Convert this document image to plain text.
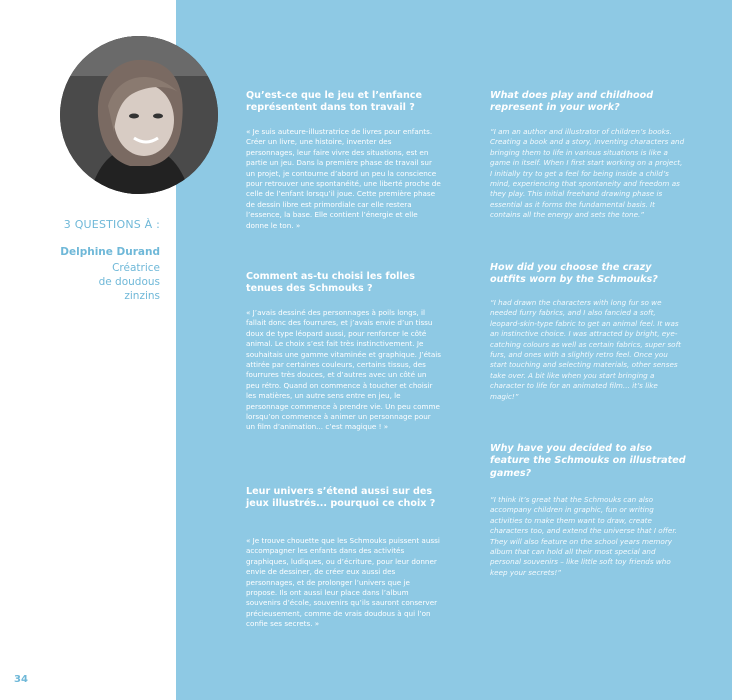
3 QUESTIONS À :
Delphine Durand
Créatrice
de doudous
zinzins
Qu’est-ce que le jeu et l’enfance représentent dans ton travail ?

« Je suis auteure-illustratrice de livres pour enfants. Créer un livre, une histoire, inventer des personnages, leur faire vivre des situations, est en partie un jeu. Dans la première phase de travail sur un projet, je contourne d’abord un peu la conscience pour retrouver une spontanéité, une liberté proche de celle de l’enfant lorsqu’il joue. Cette première phase de dessin libre est primordiale car elle restera l’essence, la base. Elle contient l’énergie et elle donne le ton. »

Comment as-tu choisi les folles tenues des Schmouks ?

« J’avais dessiné des personnages à poils longs, il fallait donc des fourrures, et j’avais envie d’un tissu doux de type léopard aussi, pour renforcer le côté animal. Le choix s’est fait très instinctivement. Je souhaitais une gamme vitaminée et graphique. J’étais attirée par certaines couleurs, certains tissus, des fourrures très douces, et d’autres avec un côté un peu rétro. Quand on commence à toucher et choisir les matières, un autre sens entre en jeu, le personnage commence à prendre vie. Un peu comme lorsqu’on commence à animer un personnage pour un film d’animation... c’est magique ! »

Leur univers s’étend aussi sur des jeux illustrés... pourquoi ce choix ?

« Je trouve chouette que les Schmouks puissent aussi accompagner les enfants dans des activités graphiques, ludiques, ou d’écriture, pour leur donner envie de dessiner, de créer eux aussi des personnages, et de prolonger l’univers que je propose. Ils ont aussi leur place dans l’album souvenirs d’école, souvenirs qu’ils sauront conserver précieusement, comme de vrais doudous à qui l’on confie ses secrets. »

What does play and childhood represent in your work?

“I am an author and illustrator of children’s books. Creating a book and a story, inventing characters and bringing them to life in various situations is like a game in itself. When I first start working on a project, I initially try to get a feel for being inside a child’s mind, experiencing that spontaneity and freedom as they play. This initial freehand drawing phase is essential as it forms the fundamental basis. It contains all the energy and sets the tone.”

How did you choose the crazy outfits worn by the Schmouks?

“I had drawn the characters with long fur so we needed furry fabrics, and I also fancied a soft, leopard-skin-type fabric to get an animal feel. It was an instinctive choice. I was attracted by bright, eye-catching colours as well as certain fabrics, super soft furs, and ones with a slightly retro feel. Once you start touching and selecting materials, other senses take over. A bit like when you start bringing a character to life for an animated film... it’s like magic!”

Why have you decided to also feature the Schmouks on illustrated games?

“I think it’s great that the Schmouks can also accompany children in graphic, fun or writing activities to make them want to draw, create characters too, and extend the universe that I offer. They will also feature on the school years memory album that can hold all their most special and personal souvenirs – like little soft toy friends who keep your secrets!”

34
